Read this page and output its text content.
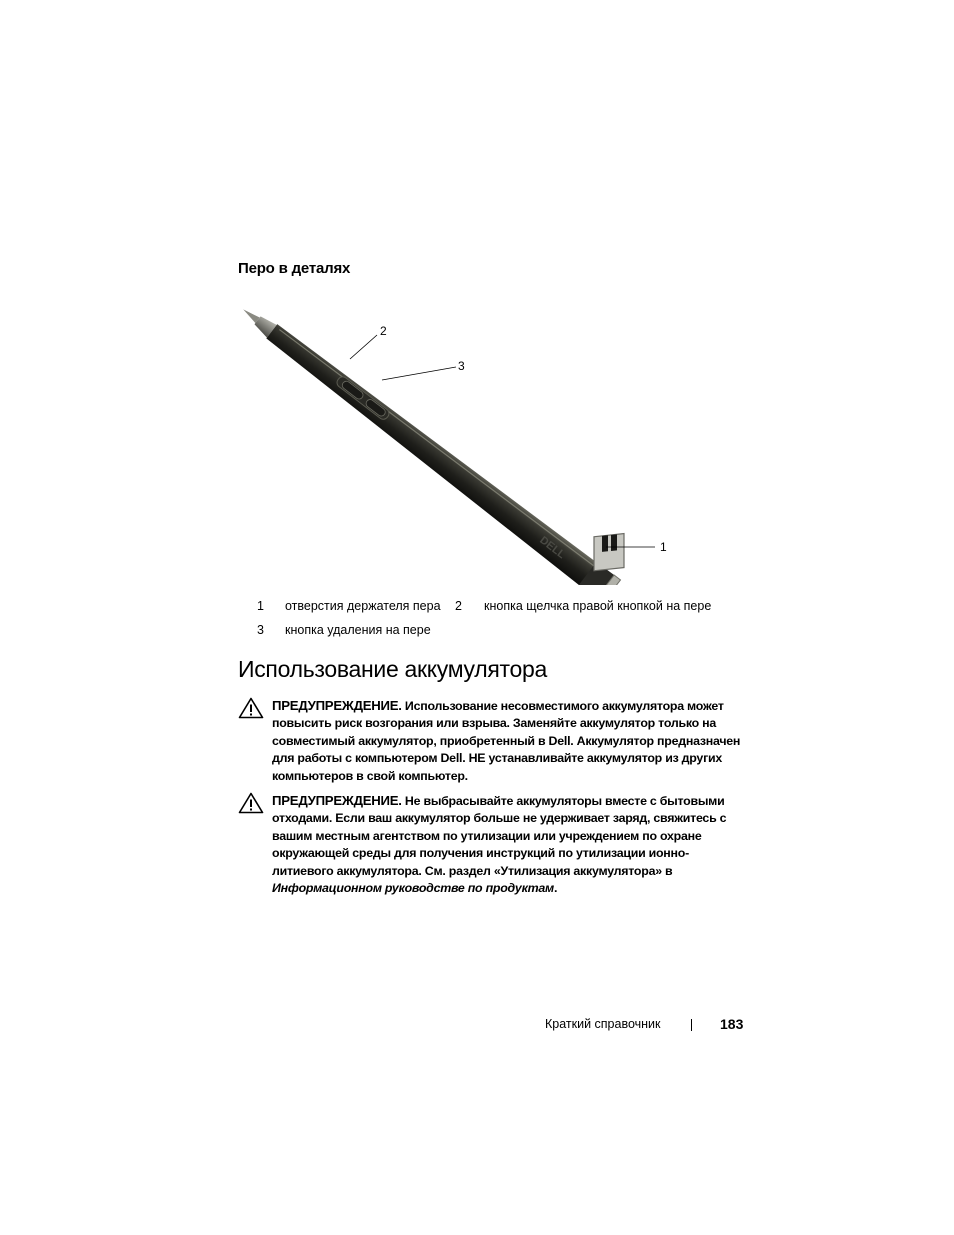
Перо в деталях
DELL
2
3
1
1 отверстия держателя пера 2 кнопка щелчка правой кнопкой на пере
3 кнопка удаления на пере
Использование аккумулятора
ПРЕДУПРЕЖДЕНИЕ. Использование несовместимого аккумулятора может повысить риск возгорания или взрыва. Заменяйте аккумулятор только на совместимый аккумулятор, приобретенный в Dell. Аккумулятор предназначен для работы с компьютером Dell. НЕ устанавливайте аккумулятор из других компьютеров в свой компьютер.
ПРЕДУПРЕЖДЕНИЕ. Не выбрасывайте аккумуляторы вместе с бытовыми отходами. Если ваш аккумулятор больше не удерживает заряд, свяжитесь с вашим местным агентством по утилизации или учреждением по охране окружающей среды для получения инструкций по утилизации ионно-литиевого аккумулятора. См. раздел «Утилизация аккумулятора» в Информационном руководстве по продуктам.
Краткий справочник	183
